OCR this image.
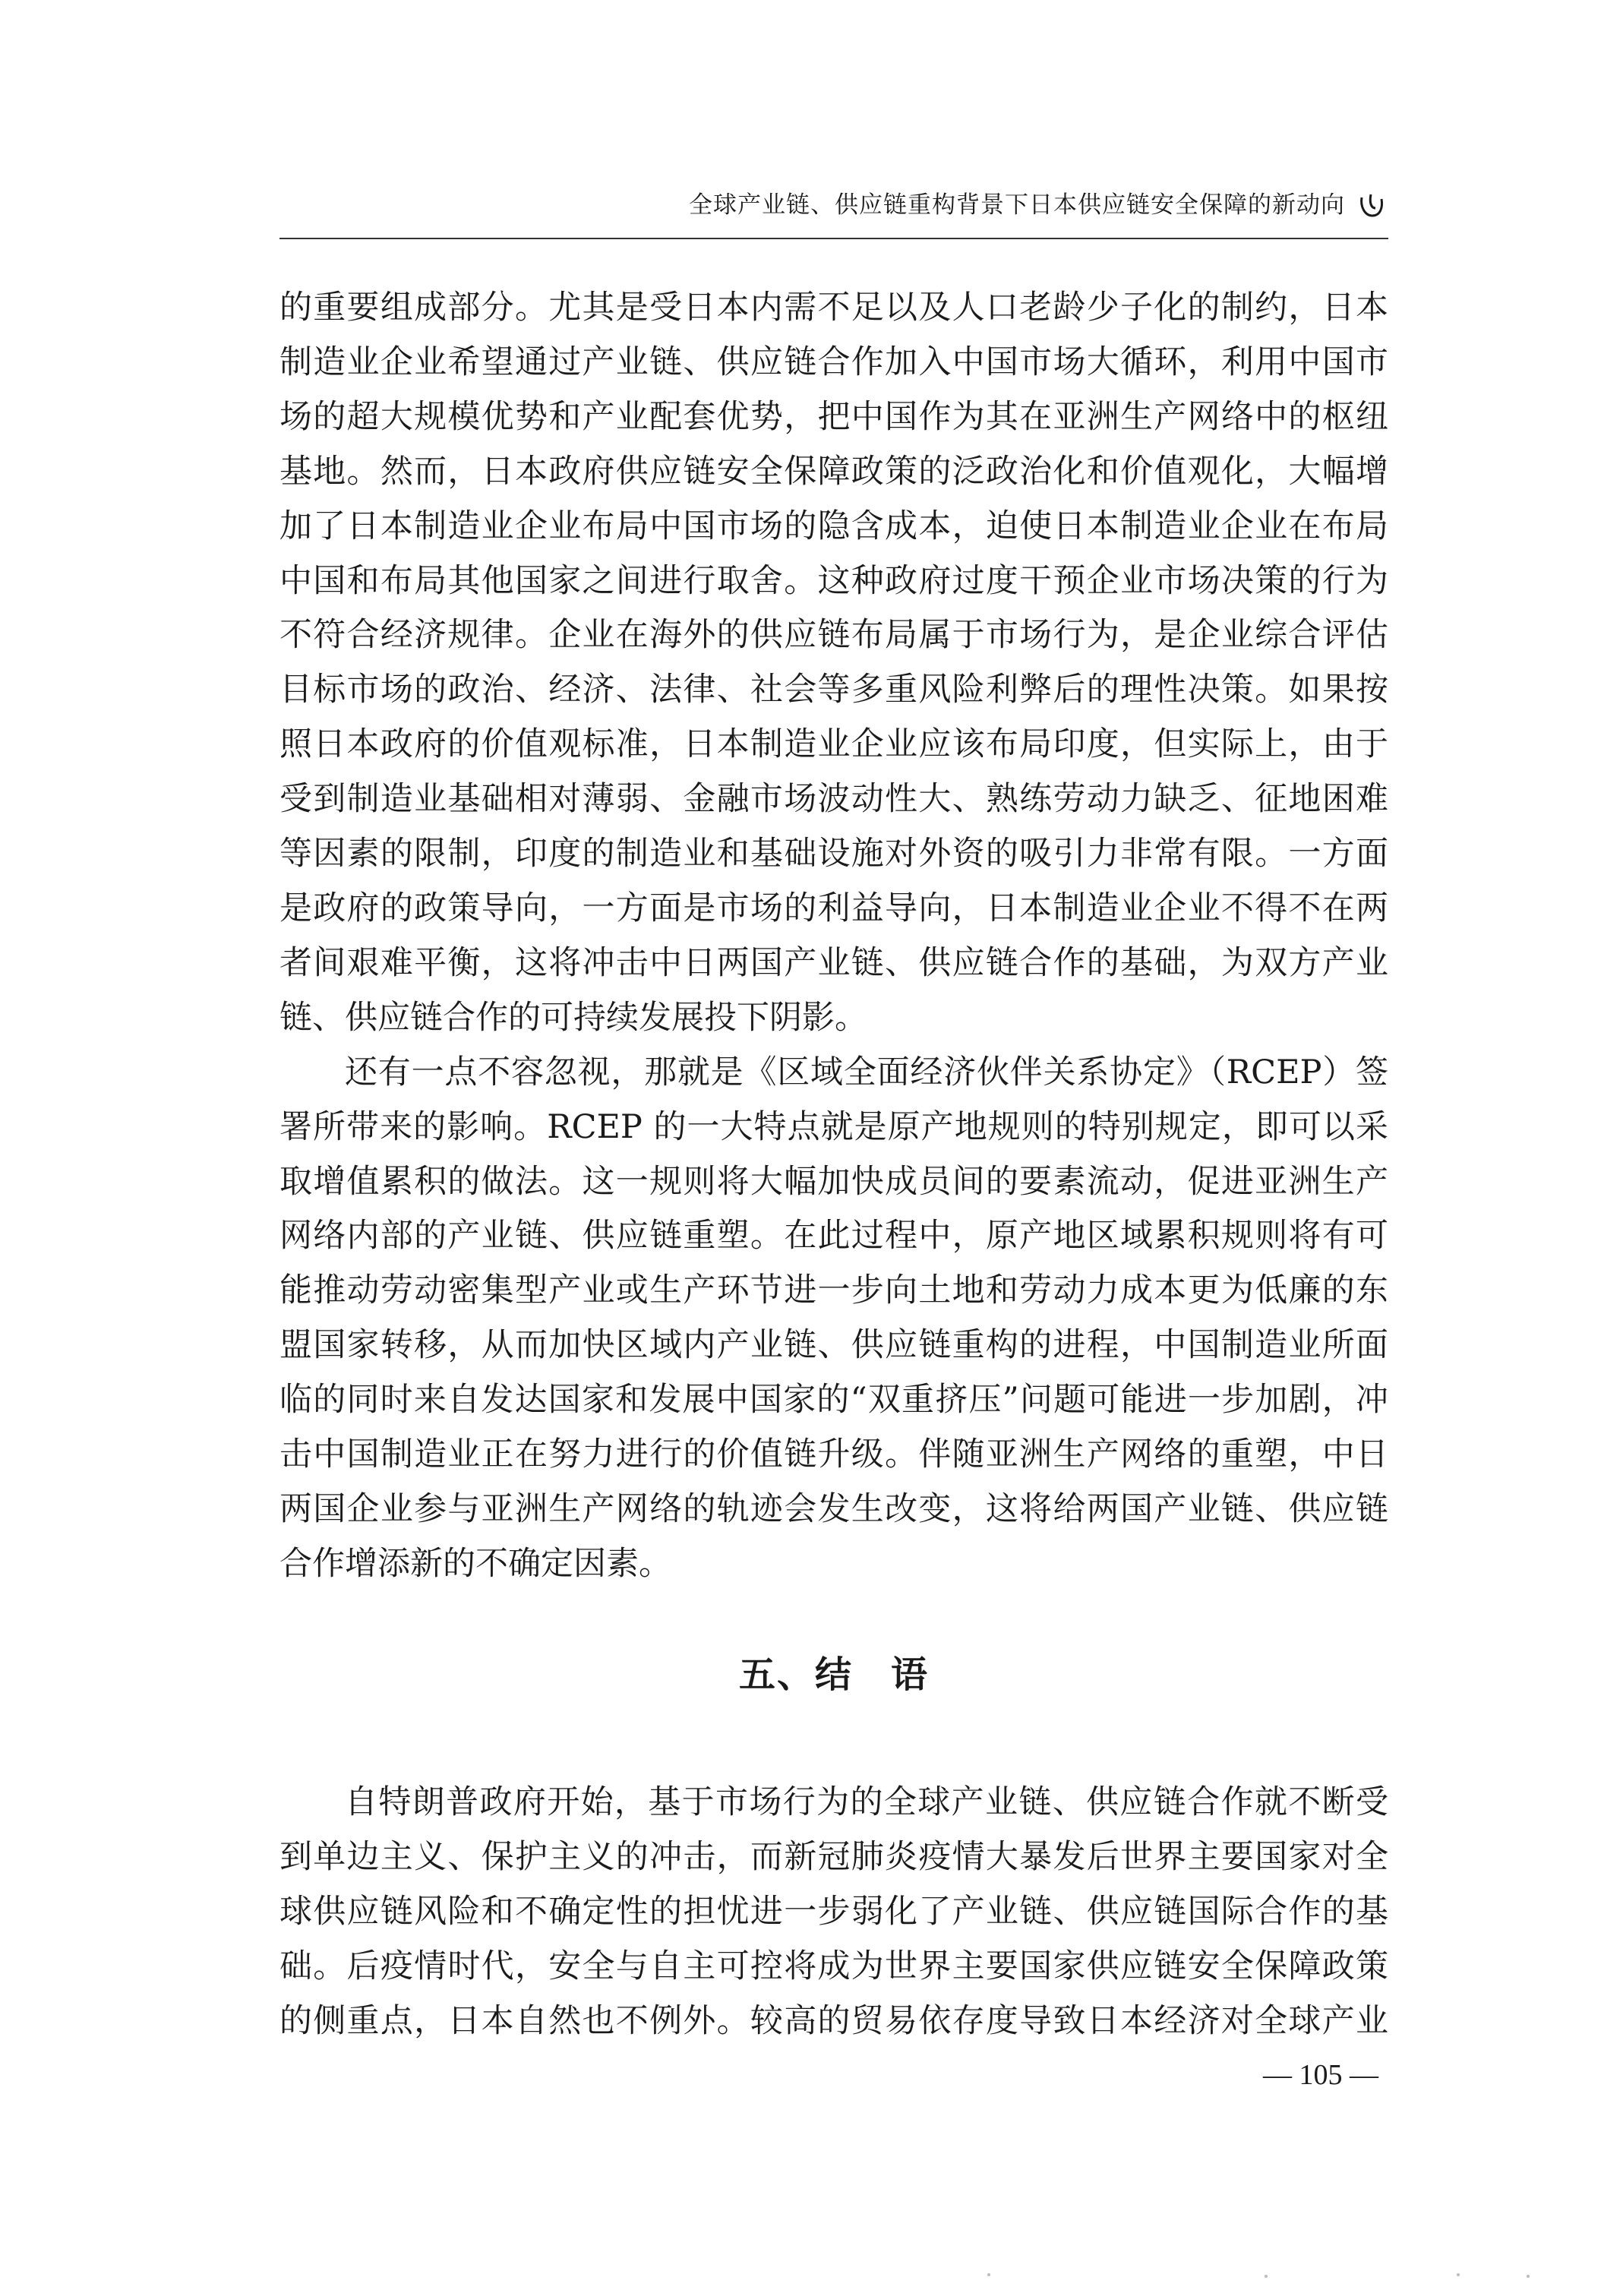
全球产业链、供应链重构背景下日本供应链安全保障的新动向

的重要组成部分。尤其是受日本内需不足以及人口老龄少子化的制约，日本制造业企业希望通过产业链、供应链合作加入中国市场大循环，利用中国市场的超大规模优势和产业配套优势，把中国作为其在亚洲生产网络中的枢纽基地。然而，日本政府供应链安全保障政策的泛政治化和价值观化，大幅增加了日本制造业企业布局中国市场的隐含成本，迫使日本制造业企业在布局中国和布局其他国家之间进行取舍。这种政府过度干预企业市场决策的行为不符合经济规律。企业在海外的供应链布局属于市场行为，是企业综合评估目标市场的政治、经济、法律、社会等多重风险利弊后的理性决策。如果按照日本政府的价值观标准，日本制造业企业应该布局印度，但实际上，由于受到制造业基础相对薄弱、金融市场波动性大、熟练劳动力缺乏、征地困难等因素的限制，印度的制造业和基础设施对外资的吸引力非常有限。一方面是政府的政策导向，一方面是市场的利益导向，日本制造业企业不得不在两者间艰难平衡，这将冲击中日两国产业链、供应链合作的基础，为双方产业链、供应链合作的可持续发展投下阴影。

还有一点不容忽视，那就是《区域全面经济伙伴关系协定》（RCEP）签署所带来的影响。RCEP 的一大特点就是原产地规则的特别规定，即可以采取增值累积的做法。这一规则将大幅加快成员间的要素流动，促进亚洲生产网络内部的产业链、供应链重塑。在此过程中，原产地区域累积规则将有可能推动劳动密集型产业或生产环节进一步向土地和劳动力成本更为低廉的东盟国家转移，从而加快区域内产业链、供应链重构的进程，中国制造业所面临的同时来自发达国家和发展中国家的“双重挤压”问题可能进一步加剧，冲击中国制造业正在努力进行的价值链升级。伴随亚洲生产网络的重塑，中日两国企业参与亚洲生产网络的轨迹会发生改变，这将给两国产业链、供应链合作增添新的不确定因素。

五、结　语

自特朗普政府开始，基于市场行为的全球产业链、供应链合作就不断受到单边主义、保护主义的冲击，而新冠肺炎疫情大暴发后世界主要国家对全球供应链风险和不确定性的担忧进一步弱化了产业链、供应链国际合作的基础。后疫情时代，安全与自主可控将成为世界主要国家供应链安全保障政策的侧重点，日本自然也不例外。较高的贸易依存度导致日本经济对全球产业

— 105 —
